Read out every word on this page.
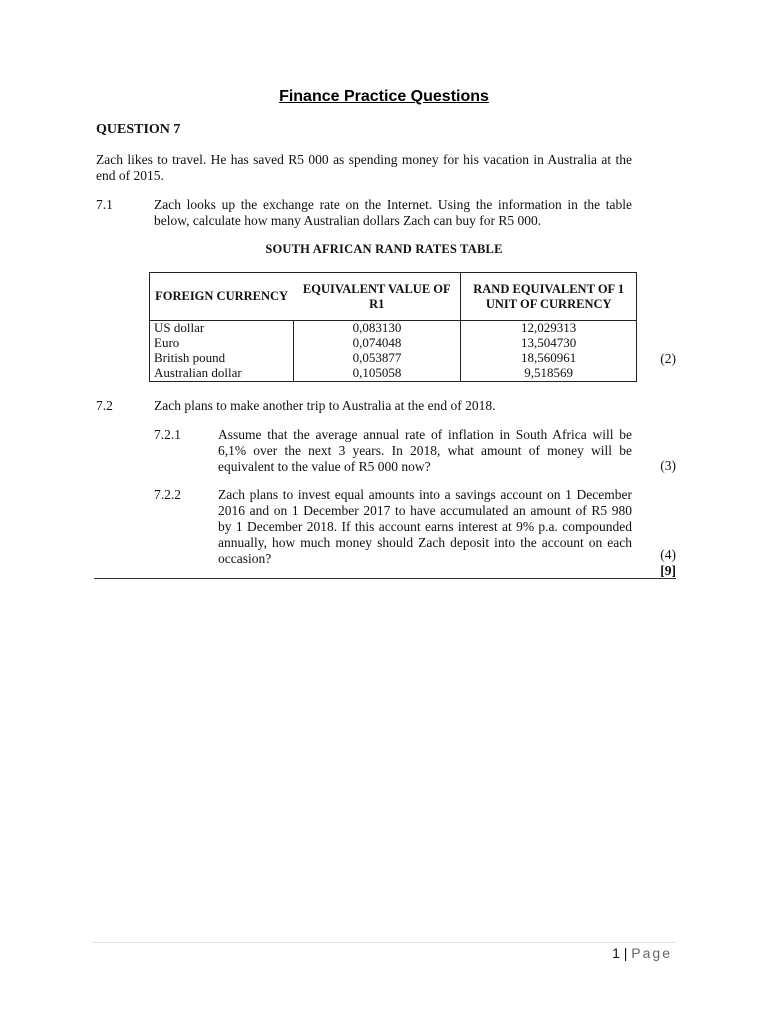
Finance Practice Questions
QUESTION 7
Zach likes to travel. He has saved R5 000 as spending money for his vacation in Australia at the end of 2015.
7.1	Zach looks up the exchange rate on the Internet. Using the information in the table below, calculate how many Australian dollars Zach can buy for R5 000.
SOUTH AFRICAN RAND RATES TABLE
FOREIGN CURRENCY	EQUIVALENT VALUE OF R1	RAND EQUIVALENT OF 1 UNIT OF CURRENCY
US dollar	0,083130	12,029313
Euro	0,074048	13,504730
British pound	0,053877	18,560961
Australian dollar	0,105058	9,518569
(2)
7.2	Zach plans to make another trip to Australia at the end of 2018.
7.2.1	Assume that the average annual rate of inflation in South Africa will be 6,1% over the next 3 years. In 2018, what amount of money will be equivalent to the value of R5 000 now?	(3)
7.2.2	Zach plans to invest equal amounts into a savings account on 1 December 2016 and on 1 December 2017 to have accumulated an amount of R5 980 by 1 December 2018. If this account earns interest at 9% p.a. compounded annually, how much money should Zach deposit into the account on each occasion?	(4)
[9]
1 | Page
